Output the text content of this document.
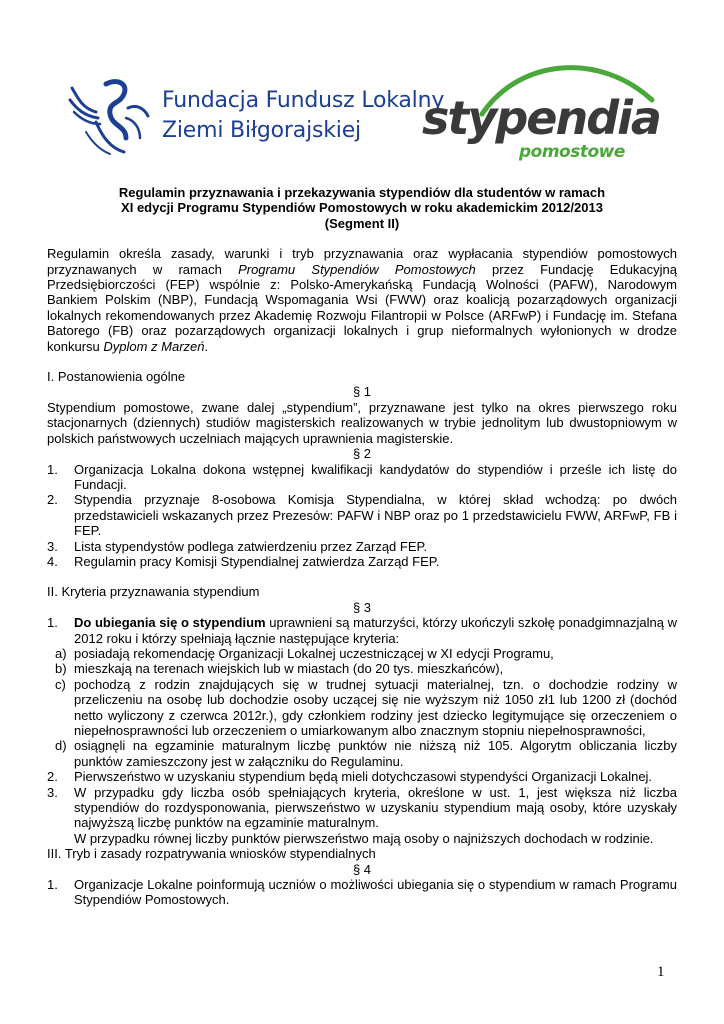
Fundacja Fundusz Lokalny
Ziemi Biłgorajskiej	stypendia
pomostowe
Regulamin przyznawania i przekazywania stypendiów dla studentów w ramach
XI edycji Programu Stypendiów Pomostowych w roku akademickim 2012/2013
(Segment II)

Regulamin określa zasady, warunki i tryb przyznawania oraz wypłacania stypendiów pomostowych przyznawanych w ramach Programu Stypendiów Pomostowych przez Fundację Edukacyjną Przedsiębiorczości (FEP) wspólnie z: Polsko-Amerykańską Fundacją Wolności (PAFW), Narodowym Bankiem Polskim (NBP), Fundacją Wspomagania Wsi (FWW) oraz koalicją pozarządowych organizacji lokalnych rekomendowanych przez Akademię Rozwoju Filantropii w Polsce (ARFwP) i Fundację im. Stefana Batorego (FB) oraz pozarządowych organizacji lokalnych i grup nieformalnych wyłonionych w drodze konkursu Dyplom z Marzeń.

I. Postanowienia ogólne

§ 1

Stypendium pomostowe, zwane dalej „stypendium”, przyznawane jest tylko na okres pierwszego roku stacjonarnych (dziennych) studiów magisterskich realizowanych w trybie jednolitym lub dwustopniowym w polskich państwowych uczelniach mających uprawnienia magisterskie.

§ 2

1.	Organizacja Lokalna dokona wstępnej kwalifikacji kandydatów do stypendiów i prześle ich listę do Fundacji.
2.	Stypendia przyznaje 8-osobowa Komisja Stypendialna, w której skład wchodzą: po dwóch przedstawicieli wskazanych przez Prezesów: PAFW i NBP oraz po 1 przedstawicielu FWW, ARFwP, FB i FEP.
3.	Lista stypendystów podlega zatwierdzeniu przez Zarząd FEP.
4.	Regulamin pracy Komisji Stypendialnej zatwierdza Zarząd FEP.

II. Kryteria przyznawania stypendium

§ 3

1.	Do ubiegania się o stypendium uprawnieni są maturzyści, którzy ukończyli szkołę ponadgimnazjalną w 2012 roku i którzy spełniają łącznie następujące kryteria:
a) posiadają rekomendację Organizacji Lokalnej uczestniczącej w XI edycji Programu,
b) mieszkają na terenach wiejskich lub w miastach (do 20 tys. mieszkańców),
c) pochodzą z rodzin znajdujących się w trudnej sytuacji materialnej, tzn. o dochodzie rodziny w przeliczeniu na osobę lub dochodzie osoby uczącej się nie wyższym niż 1050 zł1 lub 1200 zł (dochód netto wyliczony z czerwca 2012r.), gdy członkiem rodziny jest dziecko legitymujące się orzeczeniem o niepełnosprawności lub orzeczeniem o umiarkowanym albo znacznym stopniu niepełnosprawności,
d) osiągnęli na egzaminie maturalnym liczbę punktów nie niższą niż 105. Algorytm obliczania liczby punktów zamieszczony jest w załączniku do Regulaminu.
2.	Pierwszeństwo w uzyskaniu stypendium będą mieli dotychczasowi stypendyści Organizacji Lokalnej.
3.	W przypadku gdy liczba osób spełniających kryteria, określone w ust. 1, jest większa niż liczba stypendiów do rozdysponowania, pierwszeństwo w uzyskaniu stypendium mają osoby, które uzyskały najwyższą liczbę punktów na egzaminie maturalnym.

W przypadku równej liczby punktów pierwszeństwo mają osoby o najniższych dochodach w rodzinie.

III. Tryb i zasady rozpatrywania wniosków stypendialnych

§ 4

1.	Organizacje Lokalne poinformują uczniów o możliwości ubiegania się o stypendium w ramach Programu Stypendiów Pomostowych.
1
